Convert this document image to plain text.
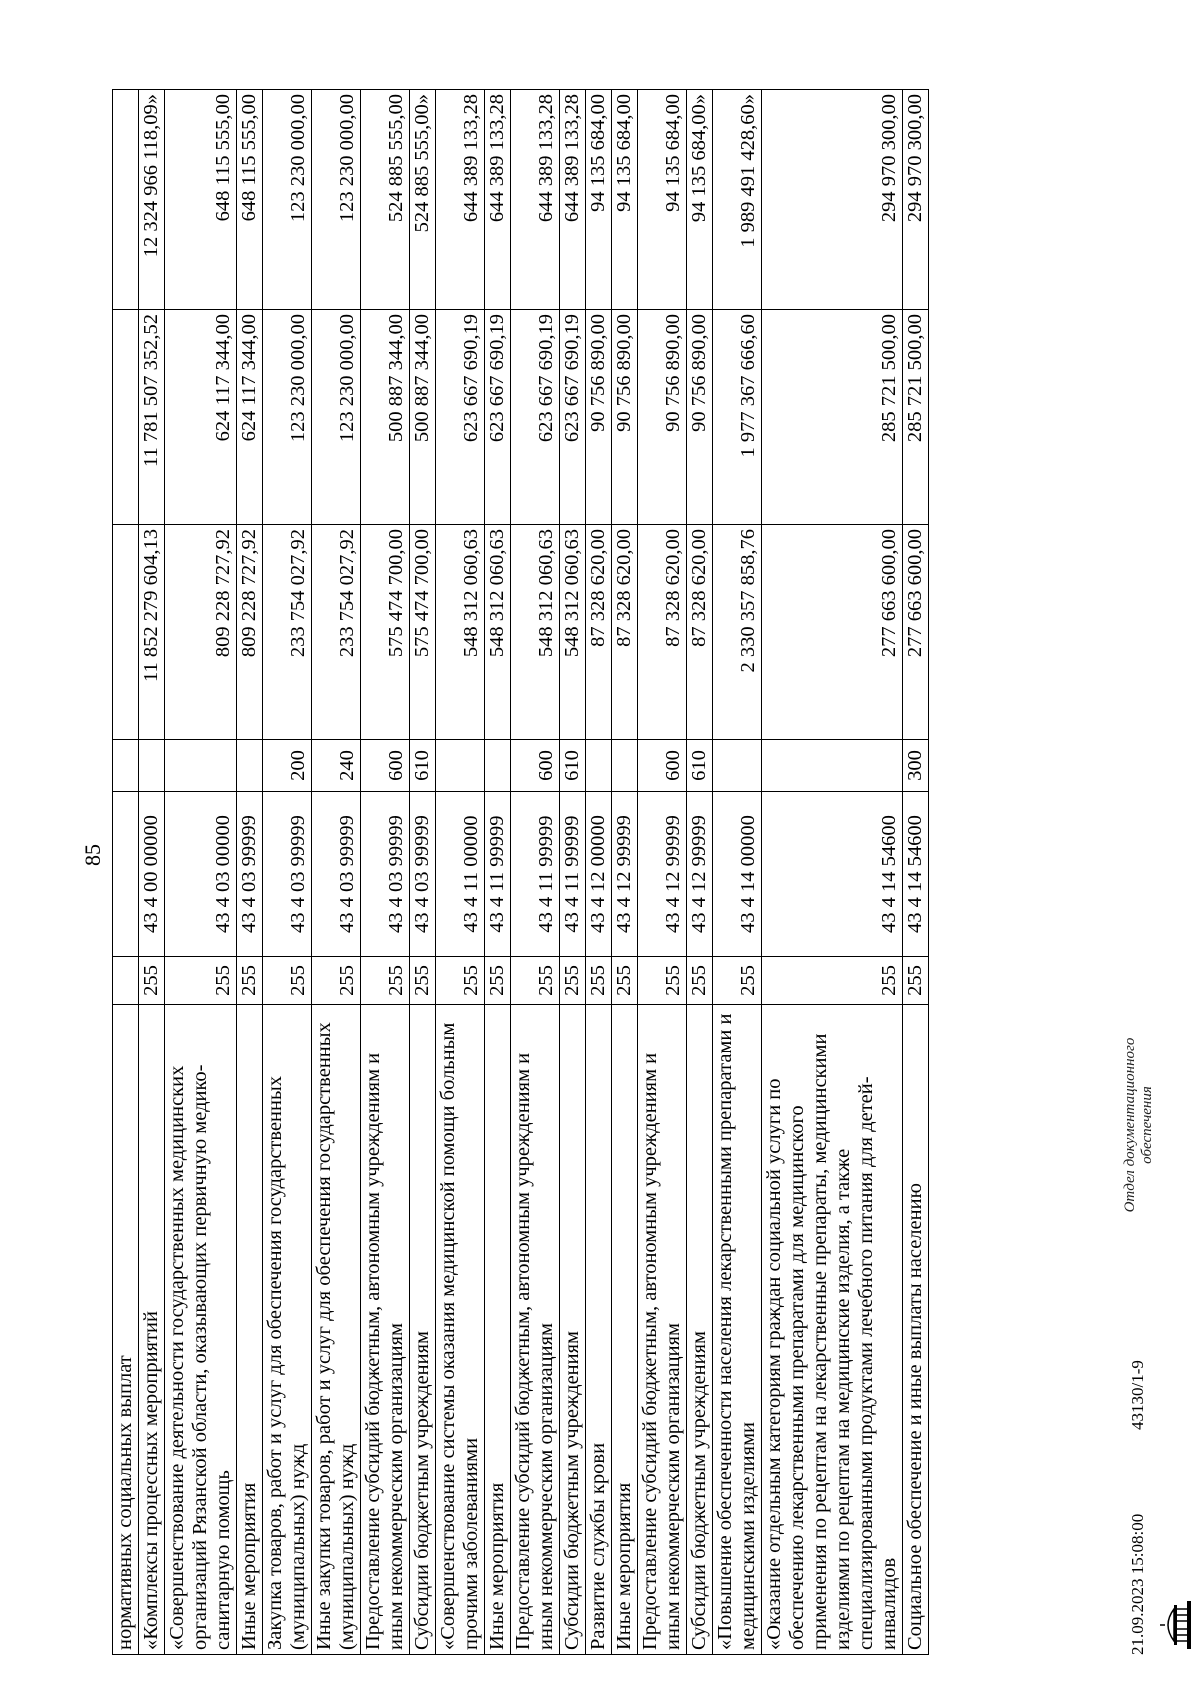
85
нормативных социальных выплат						
«Комплексы процессных мероприятий	255	43 4 00 00000		11 852 279 604,13	11 781 507 352,52	12 324 966 118,09»
«Совершенствование деятельности государственных медицинских организаций Рязанской области, оказывающих первичную медико-санитарную помощь	255	43 4 03 00000		809 228 727,92	624 117 344,00	648 115 555,00
Иные мероприятия	255	43 4 03 99999		809 228 727,92	624 117 344,00	648 115 555,00
Закупка товаров, работ и услуг для обеспечения государственных (муниципальных) нужд	255	43 4 03 99999	200	233 754 027,92	123 230 000,00	123 230 000,00
Иные закупки товаров, работ и услуг для обеспечения государственных (муниципальных) нужд	255	43 4 03 99999	240	233 754 027,92	123 230 000,00	123 230 000,00
Предоставление субсидий бюджетным, автономным учреждениям и иным некоммерческим организациям	255	43 4 03 99999	600	575 474 700,00	500 887 344,00	524 885 555,00
Субсидии бюджетным учреждениям	255	43 4 03 99999	610	575 474 700,00	500 887 344,00	524 885 555,00»
«Совершенствование системы оказания медицинской помощи больным прочими заболеваниями	255	43 4 11 00000		548 312 060,63	623 667 690,19	644 389 133,28
Иные мероприятия	255	43 4 11 99999		548 312 060,63	623 667 690,19	644 389 133,28
Предоставление субсидий бюджетным, автономным учреждениям и иным некоммерческим организациям	255	43 4 11 99999	600	548 312 060,63	623 667 690,19	644 389 133,28
Субсидии бюджетным учреждениям	255	43 4 11 99999	610	548 312 060,63	623 667 690,19	644 389 133,28
Развитие службы крови	255	43 4 12 00000		87 328 620,00	90 756 890,00	94 135 684,00
Иные мероприятия	255	43 4 12 99999		87 328 620,00	90 756 890,00	94 135 684,00
Предоставление субсидий бюджетным, автономным учреждениям и иным некоммерческим организациям	255	43 4 12 99999	600	87 328 620,00	90 756 890,00	94 135 684,00
Субсидии бюджетным учреждениям	255	43 4 12 99999	610	87 328 620,00	90 756 890,00	94 135 684,00»
«Повышение обеспеченности населения лекарственными препаратами и медицинскими изделиями	255	43 4 14 00000		2 330 357 858,76	1 977 367 666,60	1 989 491 428,60»
«Оказание отдельным категориям граждан социальной услуги по обеспечению лекарственными препаратами для медицинского применения по рецептам на лекарственные препараты, медицинскими изделиями по рецептам на медицинские изделия, а также специализированными продуктами лечебного питания для детей-инвалидов	255	43 4 14 54600		277 663 600,00	285 721 500,00	294 970 300,00
Социальное обеспечение и иные выплаты населению	255	43 4 14 54600	300	277 663 600,00	285 721 500,00	294 970 300,00
21.09.2023 15:08:00
43130/1-9
Отдел документационного обеспечения
